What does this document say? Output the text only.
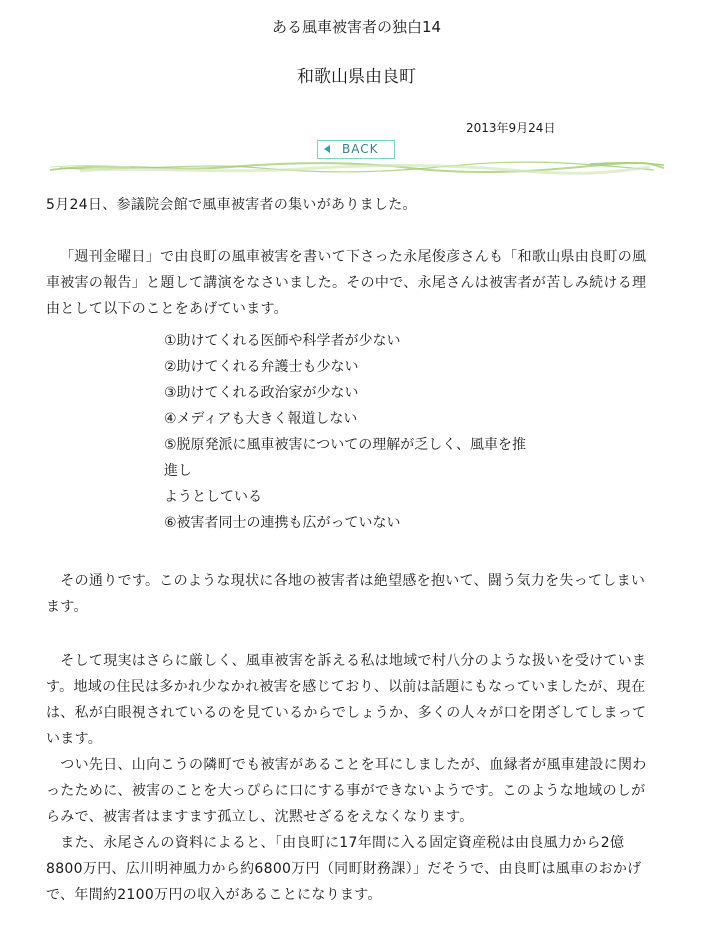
ある風車被害者の独白14
和歌山県由良町
2013年9月24日
BACK

5月24日、参議院会館で風車被害者の集いがありました。

「週刊金曜日」で由良町の風車被害を書いて下さった永尾俊彦さんも「和歌山県由良町の風
車被害の報告」と題して講演をなさいました。その中で、永尾さんは被害者が苦しみ続ける理
由として以下のことをあげています。
①助けてくれる医師や科学者が少ない
②助けてくれる弁護士も少ない
③助けてくれる政治家が少ない
④メディアも大きく報道しない
⑤脱原発派に風車被害についての理解が乏しく、風車を推
進し
ようとしている
⑥被害者同士の連携も広がっていない
　その通りです。このような現状に各地の被害者は絶望感を抱いて、闘う気力を失ってしまい
ます。
　そして現実はさらに厳しく、風車被害を訴える私は地域で村八分のような扱いを受けていま
す。地域の住民は多かれ少なかれ被害を感じており、以前は話題にもなっていましたが、現在
は、私が白眼視されているのを見ているからでしょうか、多くの人々が口を閉ざしてしまって
います。
　つい先日、山向こうの隣町でも被害があることを耳にしましたが、血縁者が風車建設に関わ
ったために、被害のことを大っぴらに口にする事ができないようです。このような地域のしが
らみで、被害者はますます孤立し、沈黙せざるをえなくなります。
　また、永尾さんの資料によると、「由良町に17年間に入る固定資産税は由良風力から2億
8800万円、広川明神風力から約6800万円（同町財務課）」だそうで、由良町は風車のおかげ
で、年間約2100万円の収入があることになります。
